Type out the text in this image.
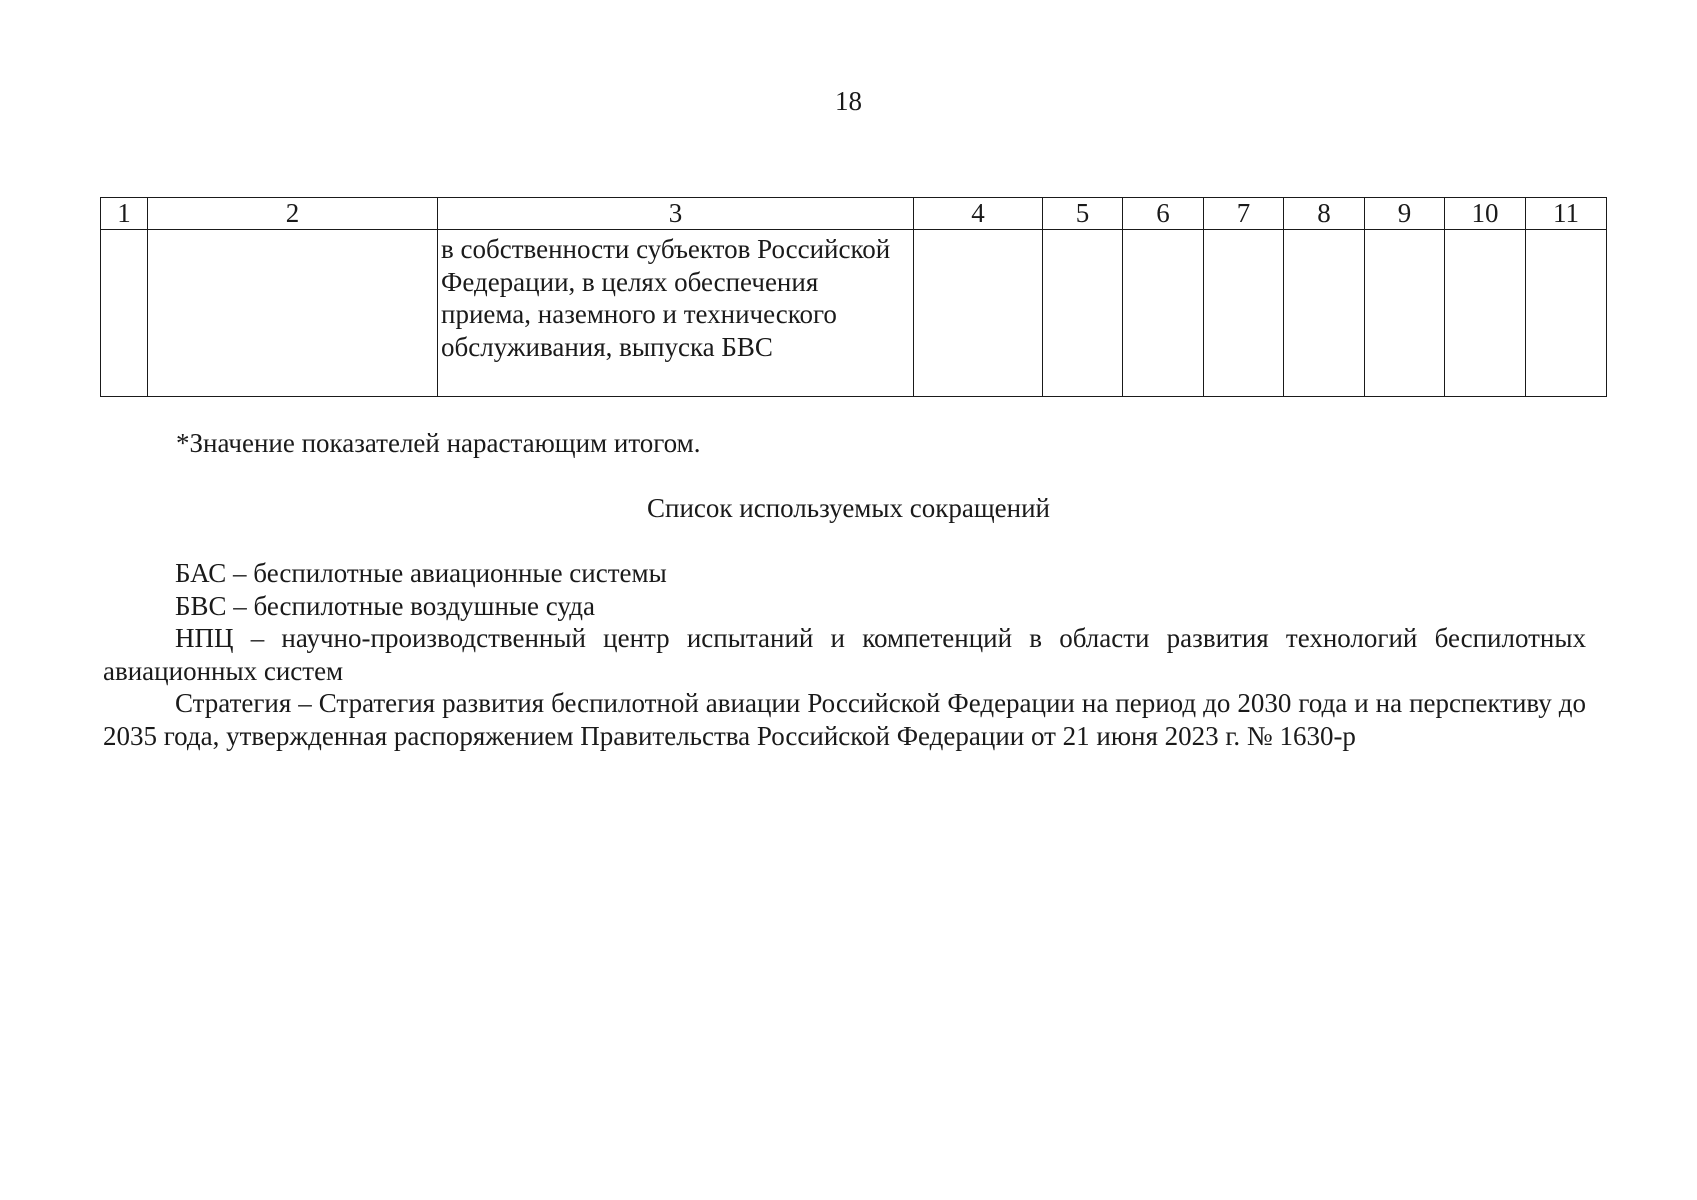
18
1	2	3	4	5	6	7	8	9	10	11
		в собственности субъектов Российской Федерации, в целях обеспечения приема, наземного и технического обслуживания, выпуска БВС								
*Значение показателей нарастающим итогом.
Список используемых сокращений

БАС – беспилотные авиационные системы

БВС – беспилотные воздушные суда

НПЦ – научно-производственный центр испытаний и компетенций в области развития технологий беспилотных авиационных систем

Стратегия – Стратегия развития беспилотной авиации Российской Федерации на период до 2030 года и на перспективу до 2035 года, утвержденная распоряжением Правительства Российской Федерации от 21 июня 2023 г. № 1630-р
